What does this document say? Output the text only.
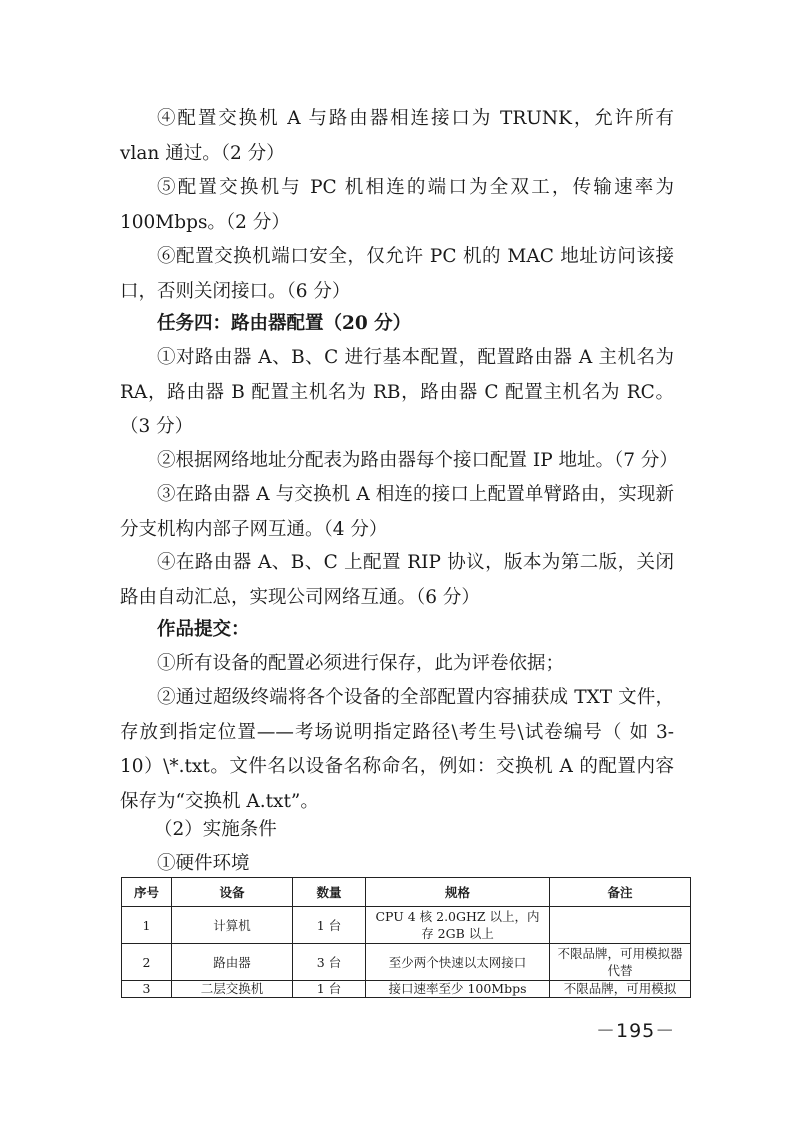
④配置交换机 A 与路由器相连接口为 TRUNK，允许所有 vlan 通过。（2 分）

⑤配置交换机与 PC 机相连的端口为全双工，传输速率为 100Mbps。（2 分）

⑥配置交换机端口安全，仅允许 PC 机的 MAC 地址访问该接口，否则关闭接口。（6 分）

任务四：路由器配置（20 分）

①对路由器 A、B、C 进行基本配置，配置路由器 A 主机名为 RA，路由器 B 配置主机名为 RB，路由器 C 配置主机名为 RC。（3 分）

②根据网络地址分配表为路由器每个接口配置 IP 地址。（7 分）

③在路由器 A 与交换机 A 相连的接口上配置单臂路由，实现新分支机构内部子网互通。（4 分）

④在路由器 A、B、C 上配置 RIP 协议，版本为第二版，关闭路由自动汇总，实现公司网络互通。（6 分）

作品提交：

①所有设备的配置必须进行保存，此为评卷依据；

②通过超级终端将各个设备的全部配置内容捕获成 TXT 文件，存放到指定位置——考场说明指定路径\考生号\试卷编号（ 如 3-10）\*.txt。文件名以设备名称命名，例如：交换机 A 的配置内容保存为“交换机 A.txt”。

（2）实施条件

①硬件环境

序号	设备	数量	规格	备注
1	计算机	1 台	CPU 4 核 2.0GHZ 以上，内存 2GB 以上	
2	路由器	3 台	至少两个快速以太网接口	不限品牌，可用模拟器代替
3	二层交换机	1 台	接口速率至少 100Mbps	不限品牌，可用模拟
－195－
